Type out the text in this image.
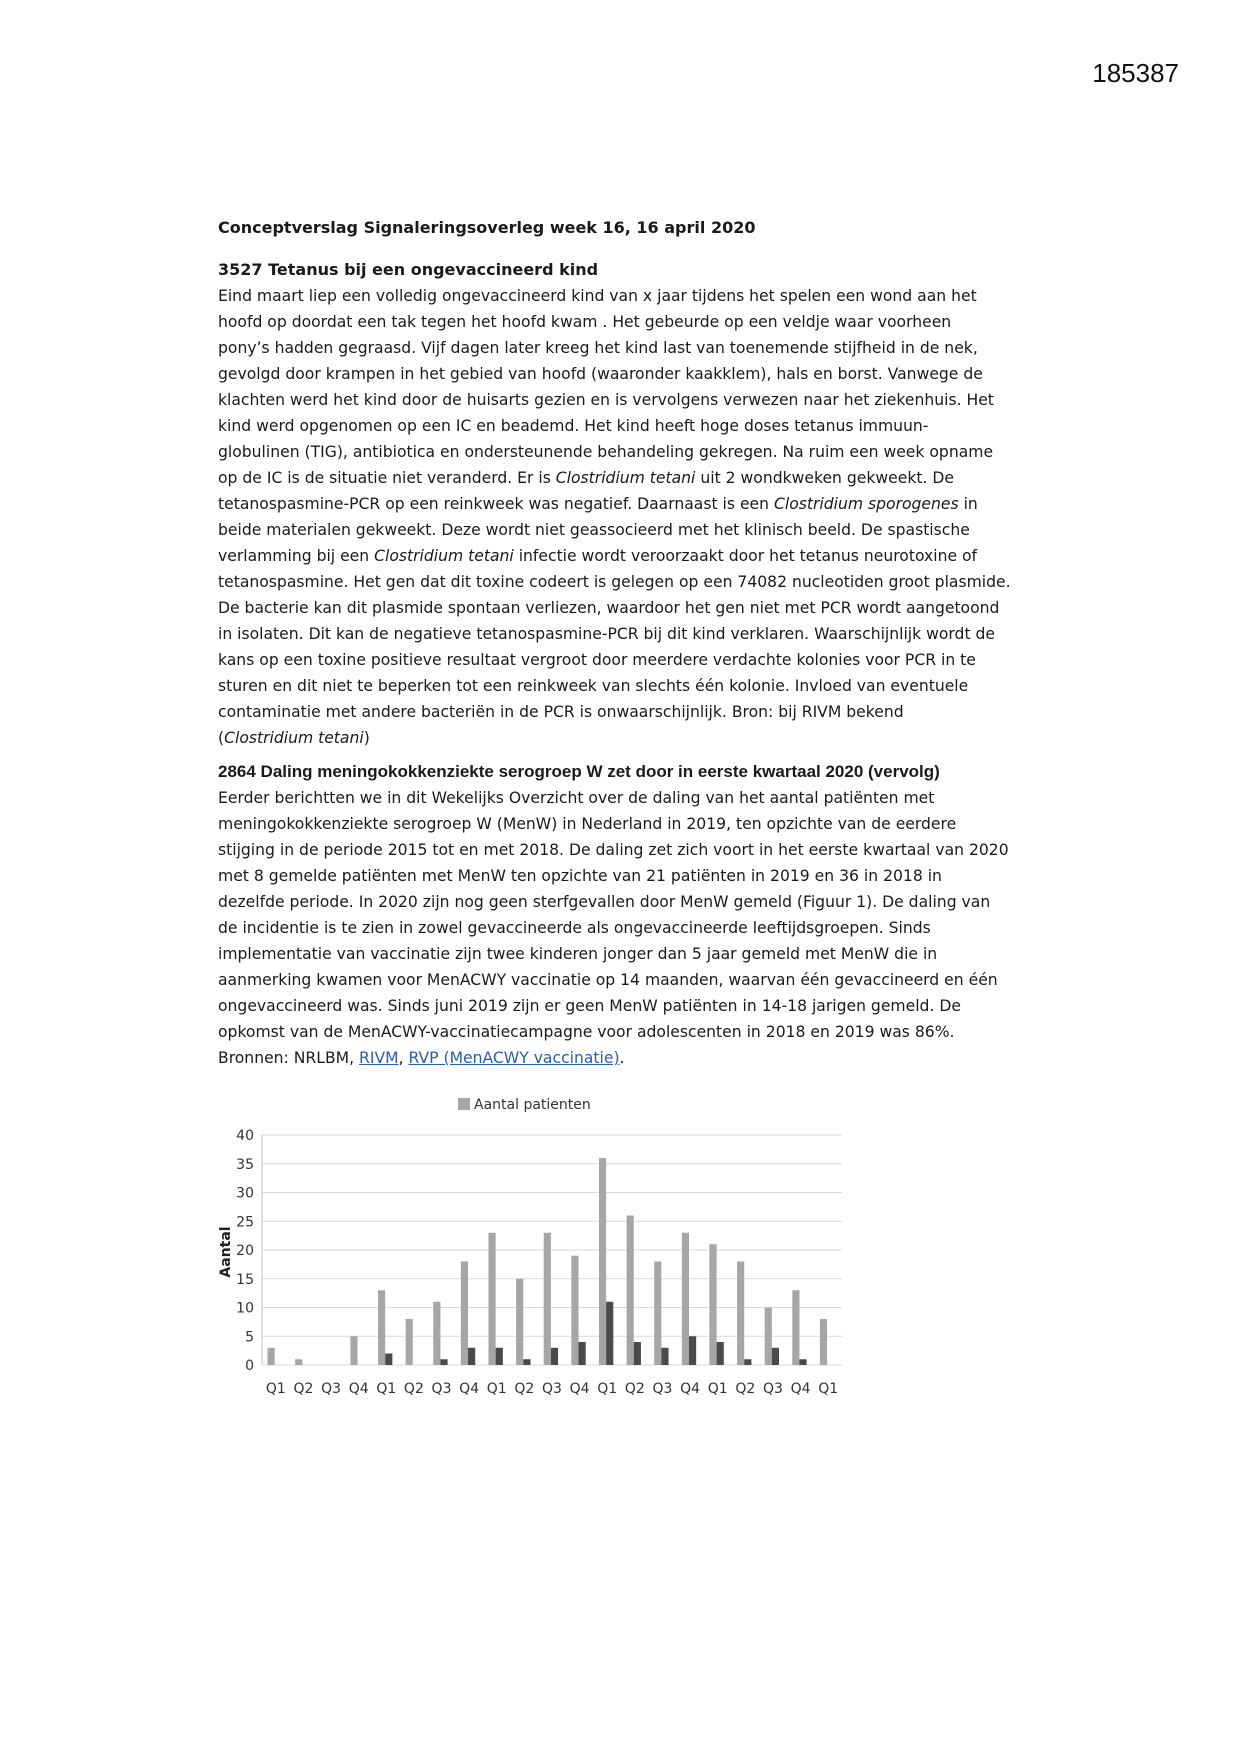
185387
Conceptverslag Signaleringsoverleg week 16, 16 april 2020
3527 Tetanus bij een ongevaccineerd kind
Eind maart liep een volledig ongevaccineerd kind van x jaar tijdens het spelen een wond aan het
hoofd op doordat een tak tegen het hoofd kwam . Het gebeurde op een veldje waar voorheen
pony’s hadden gegraasd. Vijf dagen later kreeg het kind last van toenemende stijfheid in de nek,
gevolgd door krampen in het gebied van hoofd (waaronder kaakklem), hals en borst. Vanwege de
klachten werd het kind door de huisarts gezien en is vervolgens verwezen naar het ziekenhuis. Het
kind werd opgenomen op een IC en beademd. Het kind heeft hoge doses tetanus immuun-
globulinen (TIG), antibiotica en ondersteunende behandeling gekregen. Na ruim een week opname
op de IC is de situatie niet veranderd. Er is Clostridium tetani uit 2 wondkweken gekweekt. De
tetanospasmine-PCR op een reinkweek was negatief. Daarnaast is een Clostridium sporogenes in
beide materialen gekweekt. Deze wordt niet geassocieerd met het klinisch beeld. De spastische
verlamming bij een Clostridium tetani infectie wordt veroorzaakt door het tetanus neurotoxine of
tetanospasmine. Het gen dat dit toxine codeert is gelegen op een 74082 nucleotiden groot plasmide.
De bacterie kan dit plasmide spontaan verliezen, waardoor het gen niet met PCR wordt aangetoond
in isolaten. Dit kan de negatieve tetanospasmine-PCR bij dit kind verklaren. Waarschijnlijk wordt de
kans op een toxine positieve resultaat vergroot door meerdere verdachte kolonies voor PCR in te
sturen en dit niet te beperken tot een reinkweek van slechts één kolonie. Invloed van eventuele
contaminatie met andere bacteriën in de PCR is onwaarschijnlijk. Bron: bij RIVM bekend
(Clostridium tetani)
2864 Daling meningokokkenziekte serogroep W zet door in eerste kwartaal 2020 (vervolg)
Eerder berichtten we in dit Wekelijks Overzicht over de daling van het aantal patiënten met
meningokokkenziekte serogroep W (MenW) in Nederland in 2019, ten opzichte van de eerdere
stijging in de periode 2015 tot en met 2018. De daling zet zich voort in het eerste kwartaal van 2020
met 8 gemelde patiënten met MenW ten opzichte van 21 patiënten in 2019 en 36 in 2018 in
dezelfde periode. In 2020 zijn nog geen sterfgevallen door MenW gemeld (Figuur 1). De daling van
de incidentie is te zien in zowel gevaccineerde als ongevaccineerde leeftijdsgroepen. Sinds
implementatie van vaccinatie zijn twee kinderen jonger dan 5 jaar gemeld met MenW die in
aanmerking kwamen voor MenACWY vaccinatie op 14 maanden, waarvan één gevaccineerd en één
ongevaccineerd was. Sinds juni 2019 zijn er geen MenW patiënten in 14-18 jarigen gemeld. De
opkomst van de MenACWY-vaccinatiecampagne voor adolescenten in 2018 en 2019 was 86%.
Bronnen: NRLBM, RIVM, RVP (MenACWY vaccinatie).
Aantal patienten
0
5
10
15
20
25
30
35
40
Aantal
Q1 Q2 Q3 Q4 Q1 Q2 Q3 Q4 Q1 Q2 Q3 Q4 Q1 Q2 Q3 Q4 Q1 Q2 Q3 Q4 Q1
